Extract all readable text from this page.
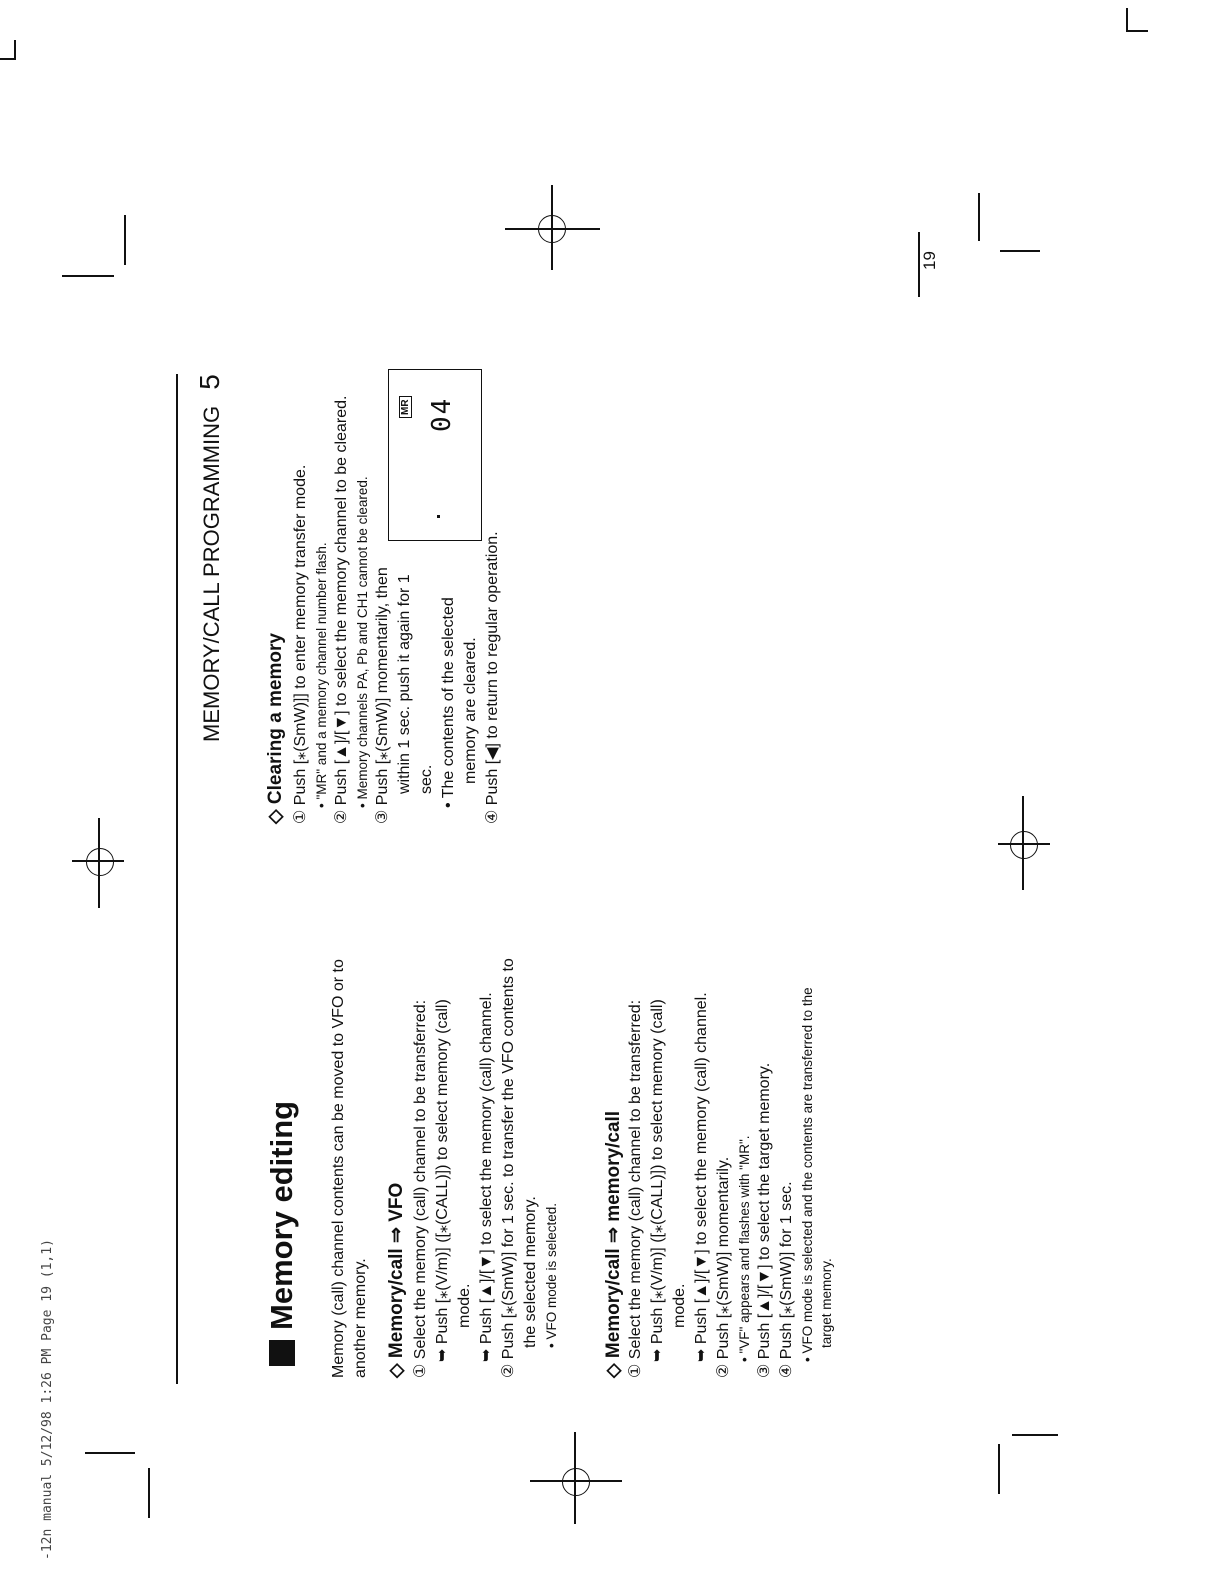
-12n manual 5/12/98 1:26 PM Page 19 (1,1)
19
MEMORY/CALL PROGRAMMING 5
Memory editing Memory (call) channel contents can be moved to VFO or to another memory. ◇ Memory/call ⇒ VFO ① Select the memory (call) channel to be transferred: ➥ Push [⁎(V/m)] ([⁎(CALL)]) to select memory (call) mode. ➥ Push [▲]/[▼] to select the memory (call) channel. ② Push [⁎(SmW)] for 1 sec. to transfer the VFO contents to the selected memory. • VFO mode is selected. ◇ Memory/call ⇒ memory/call ① Select the memory (call) channel to be transferred: ➥ Push [⁎(V/m)] ([⁎(CALL)]) to select memory (call) mode. ➥ Push [▲]/[▼] to select the memory (call) channel. ② Push [⁎(SmW)] momentarily. • "VF" appears and flashes with "MR". ③ Push [▲]/[▼] to select the target memory. ④ Push [⁎(SmW)] for 1 sec. • VFO mode is selected and the contents are transferred to the target memory.
◇ Clearing a memory ① Push [⁎(SmW)]] to enter memory transfer mode. • "MR" and a memory channel number flash. ② Push [▲]/[▼] to select the memory channel to be cleared. • Memory channels PA, Pb and CH1 cannot be cleared. ③ Push [⁎(SmW)] momentarily, then within 1 sec. push it again for 1 sec. • The contents of the selected memory are cleared. ④ Push [◀] to return to regular operation.
MR 04
